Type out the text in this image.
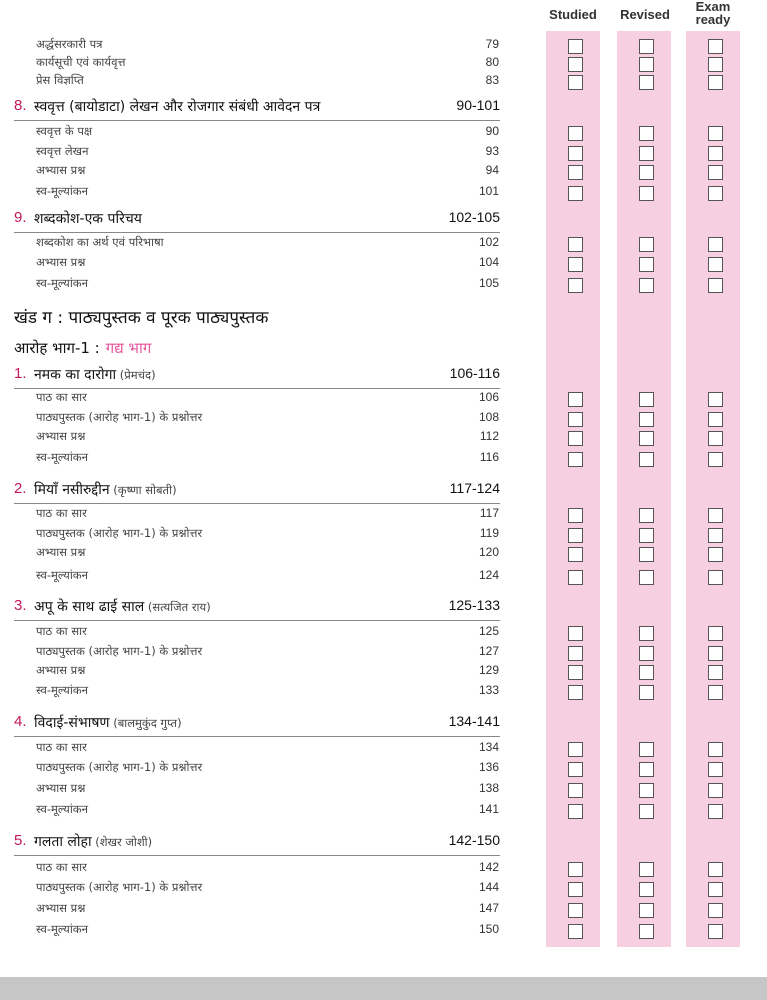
Studied	Revised
Exam ready
खंड ग : पाठ्यपुस्तक व पूरक पाठ्यपुस्तक
आरोह भाग-1 : गद्य भाग
अर्द्धसरकारी पत्र	79
कार्यसूची एवं कार्यवृत्त	80
प्रेस विज्ञप्ति	83
8. स्ववृत्त (बायोडाटा) लेखन और रोजगार संबंधी आवेदन पत्र	90-101
स्ववृत्त के पक्ष	90
स्ववृत्त लेखन	93
अभ्यास प्रश्न	94
स्व-मूल्यांकन	101
9. शब्दकोश-एक परिचय	102-105
शब्दकोश का अर्थ एवं परिभाषा	102
अभ्यास प्रश्न	104
स्व-मूल्यांकन	105
1. नमक का दारोगा (प्रेमचंद)	106-116
पाठ का सार	106
पाठ्यपुस्तक (आरोह भाग-1) के प्रश्नोत्तर	108
अभ्यास प्रश्न	112
स्व-मूल्यांकन	116
2. मियाँ नसीरुद्दीन (कृष्णा सोबती)	117-124
पाठ का सार	117
पाठ्यपुस्तक (आरोह भाग-1) के प्रश्नोत्तर	119
अभ्यास प्रश्न	120
स्व-मूल्यांकन	124
3. अपू के साथ ढाई साल (सत्यजित राय)	125-133
पाठ का सार	125
पाठ्यपुस्तक (आरोह भाग-1) के प्रश्नोत्तर	127
अभ्यास प्रश्न	129
स्व-मूल्यांकन	133
4. विदाई-संभाषण (बालमुकुंद गुप्त)	134-141
पाठ का सार	134
पाठ्यपुस्तक (आरोह भाग-1) के प्रश्नोत्तर	136
अभ्यास प्रश्न	138
स्व-मूल्यांकन	141
5. गलता लोहा (शेखर जोशी)	142-150
पाठ का सार	142
पाठ्यपुस्तक (आरोह भाग-1) के प्रश्नोत्तर	144
अभ्यास प्रश्न	147
स्व-मूल्यांकन	150
